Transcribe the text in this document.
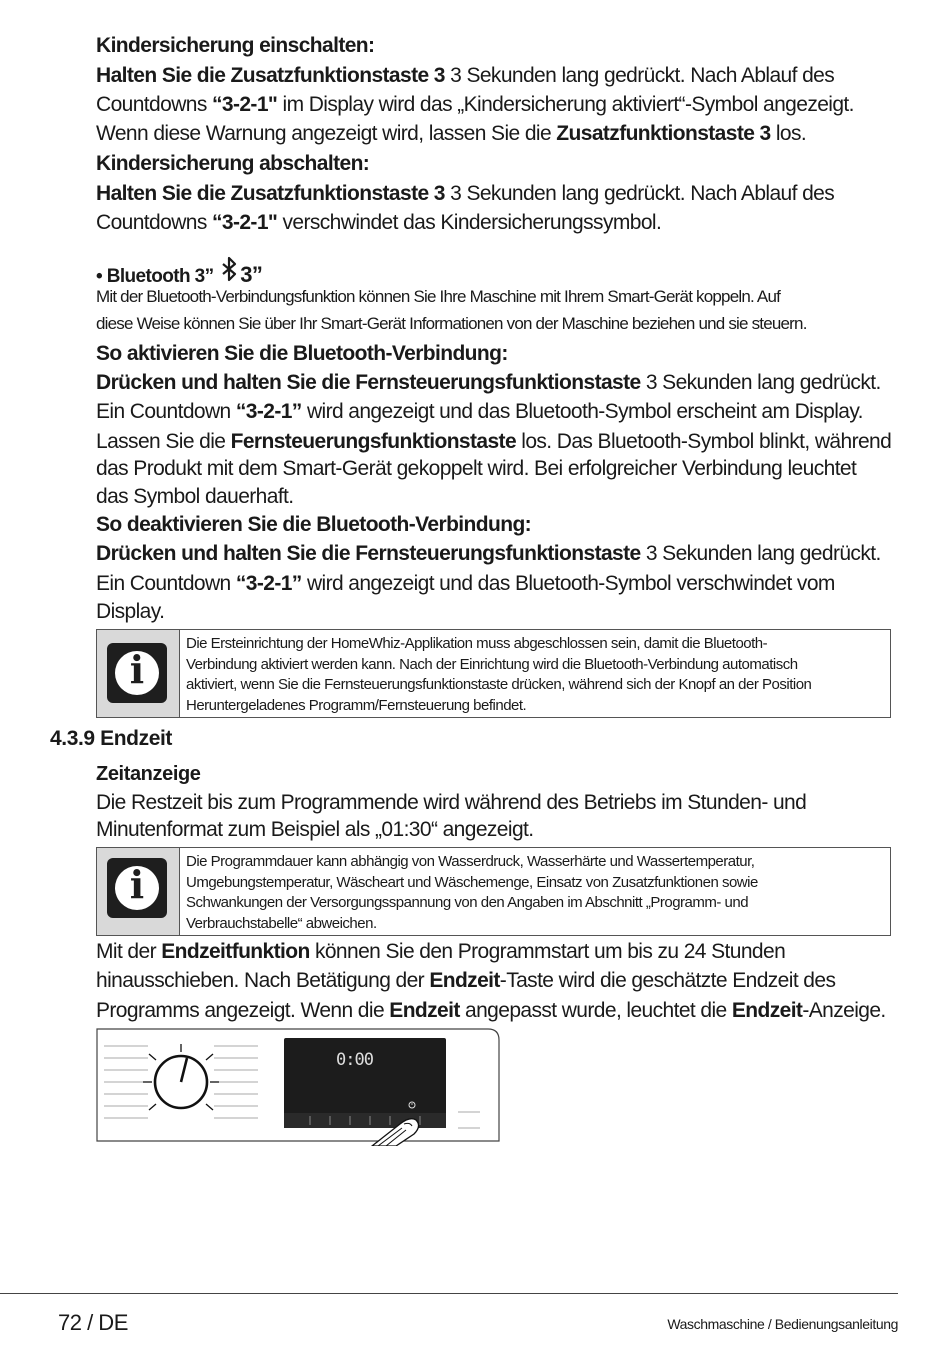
Kindersicherung einschalten:
Halten Sie die Zusatzfunktionstaste 3 3 Sekunden lang gedrückt. Nach Ablauf des
Countdowns “3-2-1" im Display wird das „Kindersicherung aktiviert“-Symbol angezeigt.
Wenn diese Warnung angezeigt wird, lassen Sie die Zusatzfunktionstaste 3 los.
Kindersicherung abschalten:
Halten Sie die Zusatzfunktionstaste 3 3 Sekunden lang gedrückt. Nach Ablauf des
Countdowns “3-2-1" verschwindet das Kindersicherungssymbol.
• Bluetooth 3” 3”
Mit der Bluetooth-Verbindungsfunktion können Sie Ihre Maschine mit Ihrem Smart-Gerät koppeln. Auf
diese Weise können Sie über Ihr Smart-Gerät Informationen von der Maschine beziehen und sie steuern.
So aktivieren Sie die Bluetooth-Verbindung:
Drücken und halten Sie die Fernsteuerungsfunktionstaste 3 Sekunden lang gedrückt.
Ein Countdown “3-2-1” wird angezeigt und das Bluetooth-Symbol erscheint am Display.
Lassen Sie die Fernsteuerungsfunktionstaste los. Das Bluetooth-Symbol blinkt, während
das Produkt mit dem Smart-Gerät gekoppelt wird. Bei erfolgreicher Verbindung leuchtet
das Symbol dauerhaft.
So deaktivieren Sie die Bluetooth-Verbindung:
Drücken und halten Sie die Fernsteuerungsfunktionstaste 3 Sekunden lang gedrückt.
Ein Countdown “3-2-1” wird angezeigt und das Bluetooth-Symbol verschwindet vom
Display.
i
Die Ersteinrichtung der HomeWhiz-Applikation muss abgeschlossen sein, damit die Bluetooth-
Verbindung aktiviert werden kann. Nach der Einrichtung wird die Bluetooth-Verbindung automatisch
aktiviert, wenn Sie die Fernsteuerungsfunktionstaste drücken, während sich der Knopf an der Position
Heruntergeladenes Programm/Fernsteuerung befindet.
4.3.9 Endzeit
Zeitanzeige
Die Restzeit bis zum Programmende wird während des Betriebs im Stunden- und
Minutenformat zum Beispiel als „01:30“ angezeigt.
i
Die Programmdauer kann abhängig von Wasserdruck, Wasserhärte und Wassertemperatur,
Umgebungstemperatur, Wäscheart und Wäschemenge, Einsatz von Zusatzfunktionen sowie
Schwankungen der Versorgungsspannung von den Angaben im Abschnitt „Programm- und
Verbrauchstabelle“ abweichen.
Mit der Endzeitfunktion können Sie den Programmstart um bis zu 24 Stunden
hinausschieben. Nach Betätigung der Endzeit-Taste wird die geschätzte Endzeit des
Programms angezeigt. Wenn die Endzeit angepasst wurde, leuchtet die Endzeit-Anzeige.
0:00
72 / DE	Waschmaschine / Bedienungsanleitung
